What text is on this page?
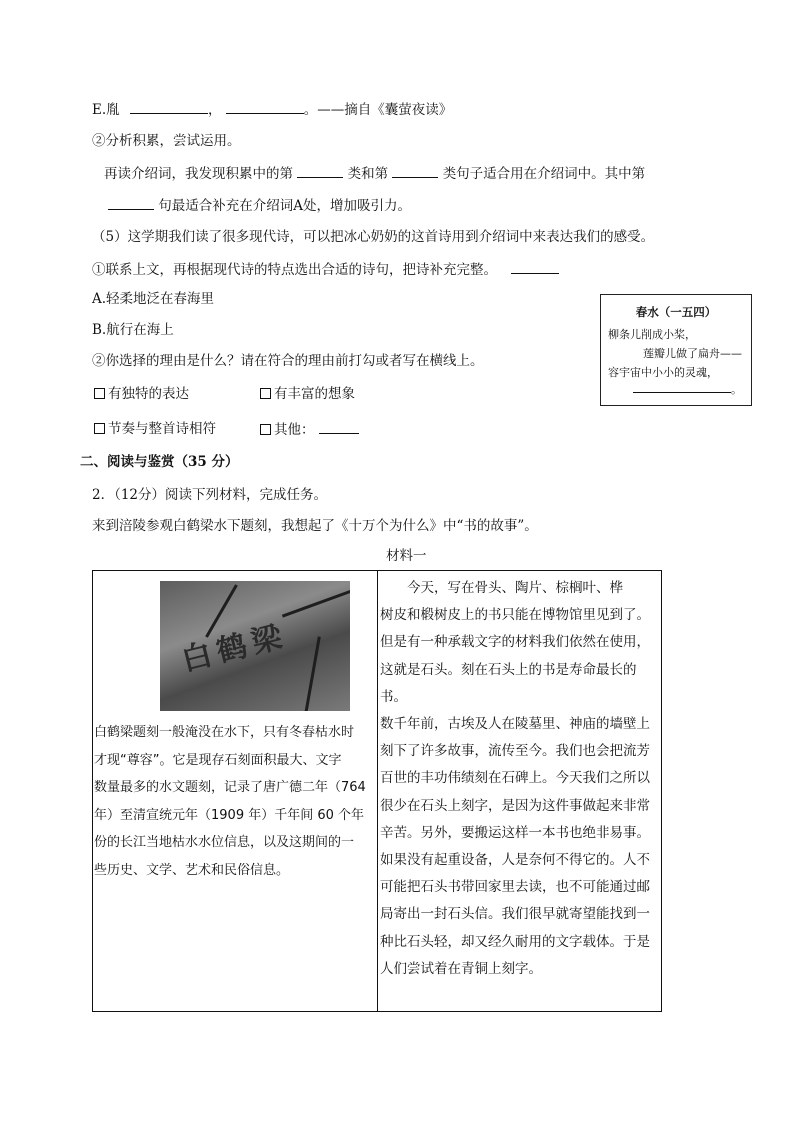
E.胤	，	。——摘自《囊萤夜读》
②分析积累，尝试运用。
再读介绍词，我发现积累中的第	类和第	类句子适合用在介绍词中。其中第
句最适合补充在介绍词A处，增加吸引力。
（5）这学期我们读了很多现代诗，可以把冰心奶奶的这首诗用到介绍词中来表达我们的感受。
①联系上文，再根据现代诗的特点选出合适的诗句，把诗补充完整。
A.轻柔地泛在春海里
B.航行在海上
②你选择的理由是什么？请在符合的理由前打勾或者写在横线上。
有独特的表达	有丰富的想象
节奏与整首诗相符	其他：
春水（一五四）
柳条儿削成小桨，
莲瓣儿做了扁舟——
容宇宙中小小的灵魂，
。
二、阅读与鉴赏（35 分）
2．（12分）阅读下列材料，完成任务。
来到涪陵参观白鹤梁水下题刻，我想起了《十万个为什么》中“书的故事”。
材料一
白鹤梁
白鹤梁题刻一般淹没在水下，只有冬春枯水时
才现“尊容”。它是现存石刻面积最大、文字
数量最多的水文题刻，记录了唐广德二年（764
年）至清宣统元年（1909 年）千年间 60 个年
份的长江当地枯水水位信息，以及这期间的一
些历史、文学、艺术和民俗信息。

　　今天，写在骨头、陶片、棕榈叶、桦
树皮和椴树皮上的书只能在博物馆里见到了。
但是有一种承载文字的材料我们依然在使用，
这就是石头。刻在石头上的书是寿命最长的书。
数千年前，古埃及人在陵墓里、神庙的墙壁上
刻下了许多故事，流传至今。我们也会把流芳
百世的丰功伟绩刻在石碑上。今天我们之所以
很少在石头上刻字，是因为这件事做起来非常
辛苦。另外，要搬运这样一本书也绝非易事。
如果没有起重设备，人是奈何不得它的。人不
可能把石头书带回家里去读，也不可能通过邮
局寄出一封石头信。我们很早就寄望能找到一
种比石头轻，却又经久耐用的文字载体。于是
人们尝试着在青铜上刻字。
